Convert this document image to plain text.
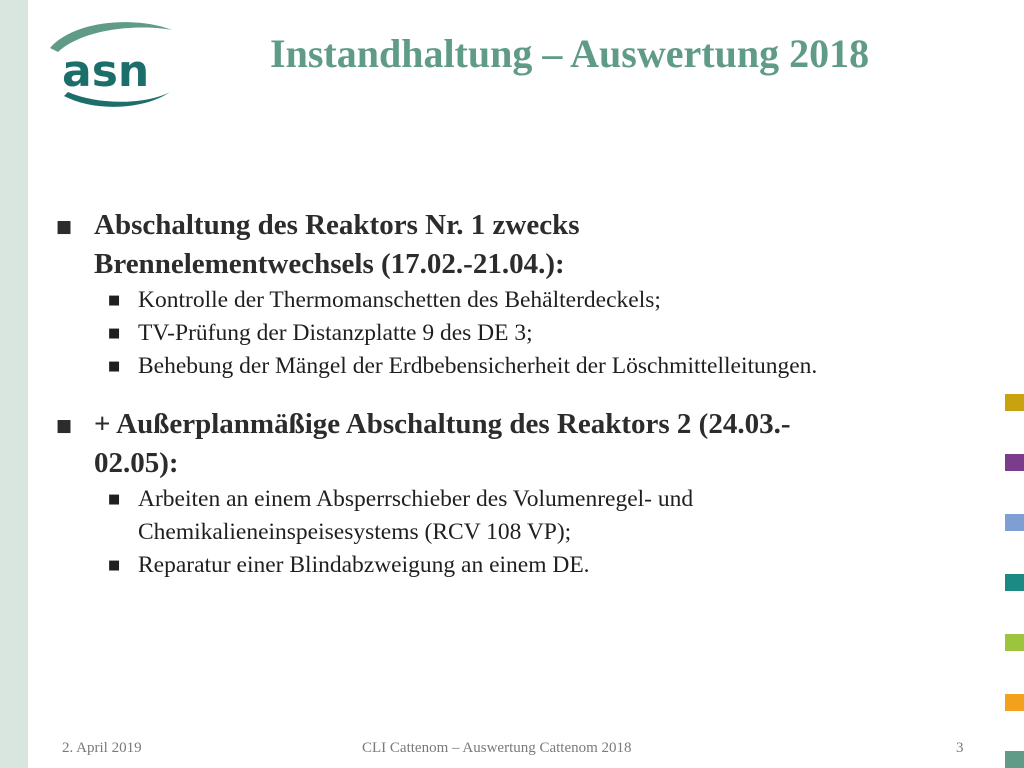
asn	Instandhaltung – Auswertung 2018
■ Abschaltung des Reaktors Nr. 1 zwecks
Brennelementwechsels (17.02.-21.04.):
■ Kontrolle der Thermomanschetten des Behälterdeckels;
■ TV-Prüfung der Distanzplatte 9 des DE 3;
■ Behebung der Mängel der Erdbebensicherheit der Löschmittelleitungen.
■ + Außerplanmäßige Abschaltung des Reaktors 2 (24.03.-
02.05):
■ Arbeiten an einem Absperrschieber des Volumenregel- und
Chemikalieneinspeisesystems (RCV 108 VP);
■ Reparatur einer Blindabzweigung an einem DE.
2. April 2019	CLI Cattenom – Auswertung Cattenom 2018	3
